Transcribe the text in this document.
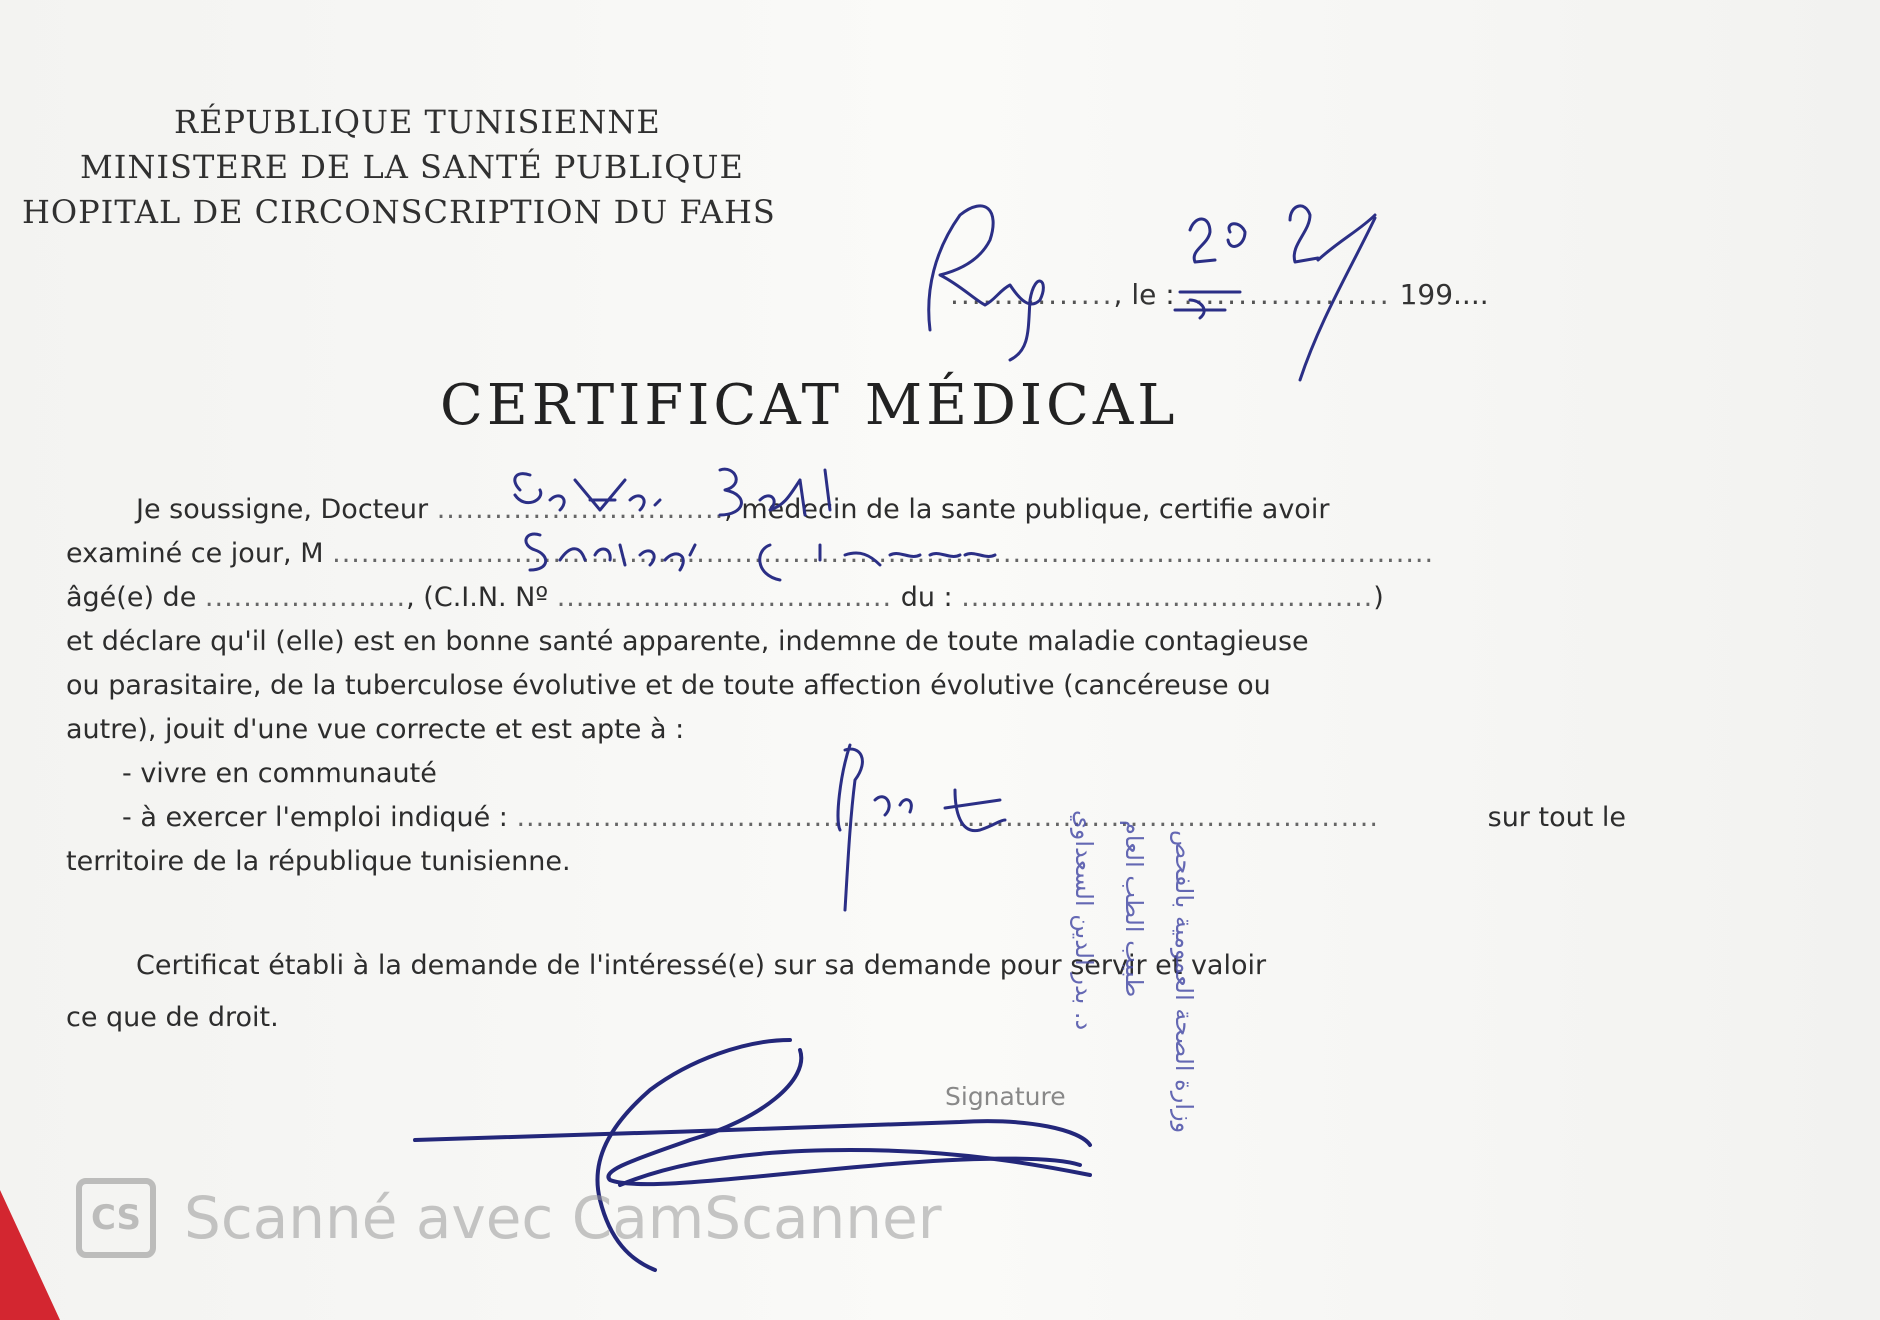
RÉPUBLIQUE TUNISIENNE
MINISTERE DE LA SANTÉ PUBLIQUE
HOPITAL DE CIRCONSCRIPTION DU FAHS
..............., le : ................... 199....
CERTIFICAT MÉDICAL
Je soussigne, Docteur .............................., medecin de la sante publique, certifie avoir
examiné ce jour, M ...................................................................................................................
âgé(e) de ....................., (C.I.N. Nº ................................... du : ...........................................)
et déclare qu'il (elle) est en bonne santé apparente, indemne de toute maladie contagieuse
ou parasitaire, de la tuberculose évolutive et de toute affection évolutive (cancéreuse ou
autre), jouit d'une vue correcte et est apte à :
- vivre en communauté
- à exercer l'emploi indiqué : ..........................................................................................	sur tout le
territoire de la république tunisienne.
Certificat établi à la demande de l'intéressé(e) sur sa demande pour servir et valoir
ce que de droit.
Signature
د. بدر الدين السعداوي طبيب الطب العام وزارة الصحة العمومية بالفحص
CS Scanné avec CamScanner
